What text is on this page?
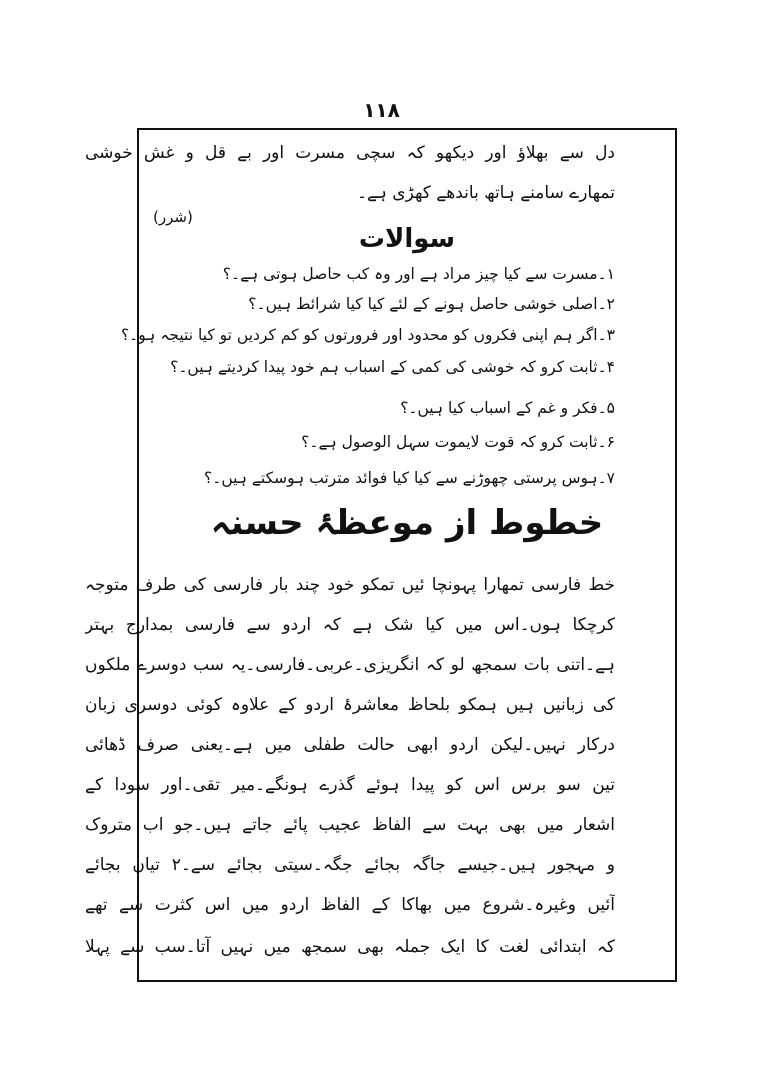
۱۱۸
دل سے بھلاؤ اور دیکھو کہ سچی مسرت اور بے قل و غش خوشی
تمھارے سامنے ہاتھ باندھے کھڑی ہے۔
(شرر)
سوالات
۱۔مسرت سے کیا چیز مراد ہے اور وہ کب حاصل ہوتی ہے۔؟
۲۔اصلی خوشی حاصل ہونے کے لئے کیا کیا شرائط ہیں۔؟
۳۔اگر ہم اپنی فکروں کو محدود اور فرورتوں کو کم کردیں تو کیا نتیجہ ہو۔؟
۴۔ثابت کرو کہ خوشی کی کمی کے اسباب ہم خود پیدا کردیتے ہیں۔؟
۵۔فکر و غم کے اسباب کیا ہیں۔؟
۶۔ثابت کرو کہ قوت لایموت سہل الوصول ہے۔؟
۷۔ہوس پرستی چھوڑنے سے کیا کیا فوائد مترتب ہوسکتے ہیں۔؟
خطوط از موعظۂ حسنہ
خط فارسی تمھارا پہونچا ئیں تمکو خود چند بار فارسی کی طرف متوجہ
کرچکا ہوں۔اس میں کیا شک ہے کہ اردو سے فارسی بمدارج بہتر
ہے۔اتنی بات سمجھ لو کہ انگریزی۔عربی۔فارسی۔یہ سب دوسرے ملکوں
کی زبانیں ہیں ہمکو بلحاظ معاشرۂ اردو کے علاوہ کوئی دوسری زبان
درکار نہیں۔لیکن اردو ابھی حالت طفلی میں ہے۔یعنی صرف ڈھائی
تین سو برس اس کو پیدا ہوئے گذرے ہونگے۔میر تقی۔اور سودا کے
اشعار میں بھی بہت سے الفاظ عجیب پائے جاتے ہیں۔جو اب متروک
و مہجور ہیں۔جیسے جاگہ بجائے جگہ۔سیتی بجائے سے۔۲ تیاں بجائے
آئیں وغیرہ۔شروع میں بھاکا کے الفاظ اردو میں اس کثرت سے تھے
کہ ابتدائی لغت کا ایک جملہ بھی سمجھ میں نہیں آتا۔سب سے پہلا
